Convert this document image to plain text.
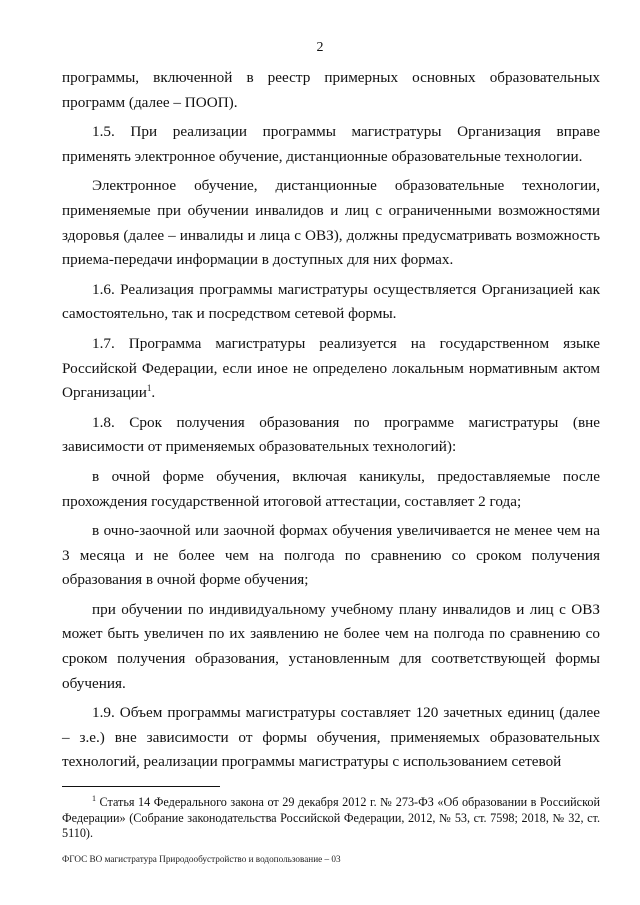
2

программы, включенной в реестр примерных основных образовательных программ (далее – ПООП).

1.5. При реализации программы магистратуры Организация вправе применять электронное обучение, дистанционные образовательные технологии.

Электронное обучение, дистанционные образовательные технологии, применяемые при обучении инвалидов и лиц с ограниченными возможностями здоровья (далее – инвалиды и лица с ОВЗ), должны предусматривать возможность приема-передачи информации в доступных для них формах.

1.6. Реализация программы магистратуры осуществляется Организацией как самостоятельно, так и посредством сетевой формы.

1.7. Программа магистратуры реализуется на государственном языке Российской Федерации, если иное не определено локальным нормативным актом Организации$^1$.

1.8. Срок получения образования по программе магистратуры (вне зависимости от применяемых образовательных технологий):

в очной форме обучения, включая каникулы, предоставляемые после прохождения государственной итоговой аттестации, составляет 2 года;

в очно-заочной или заочной формах обучения увеличивается не менее чем на 3 месяца и не более чем на полгода по сравнению со сроком получения образования в очной форме обучения;

при обучении по индивидуальному учебному плану инвалидов и лиц с ОВЗ может быть увеличен по их заявлению не более чем на полгода по сравнению со сроком получения образования, установленным для соответствующей формы обучения.

1.9. Объем программы магистратуры составляет 120 зачетных единиц (далее – з.е.) вне зависимости от формы обучения, применяемых образовательных технологий, реализации программы магистратуры с использованием сетевой

$^1$ Статья 14 Федерального закона от 29 декабря 2012 г. № 273-ФЗ «Об образовании в Российской Федерации» (Собрание законодательства Российской Федерации, 2012, № 53, ст. 7598; 2018, № 32, ст. 5110).
ФГОС ВО магистратура Природообустройство и водопользование – 03
